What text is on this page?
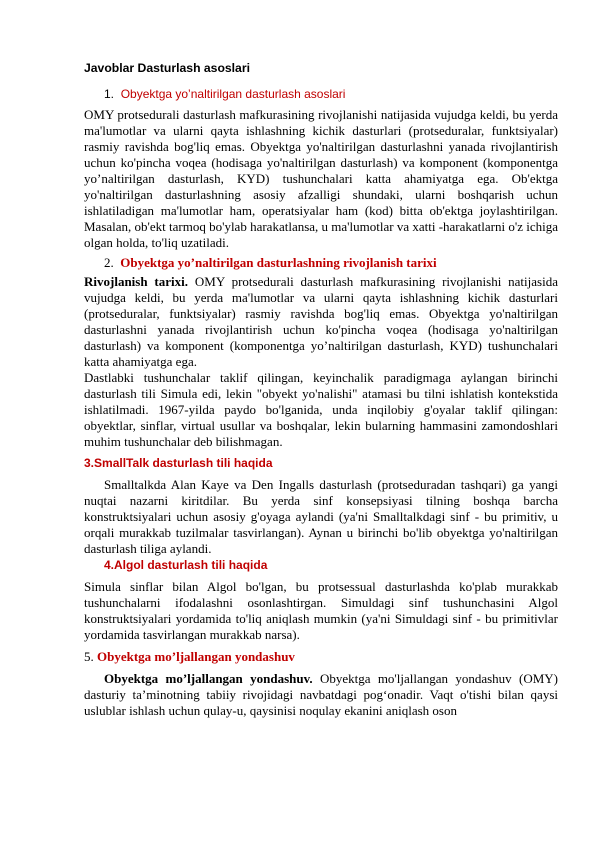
Javoblar Dasturlash asoslari

1. Obyektga yo’naltirilgan dasturlash asoslari

OMY protsedurali dasturlash mafkurasining rivojlanishi natijasida vujudga keldi, bu yerda ma'lumotlar va ularni qayta ishlashning kichik dasturlari (protseduralar, funktsiyalar) rasmiy ravishda bog'liq emas. Obyektga yo'naltirilgan dasturlashni yanada rivojlantirish uchun ko'pincha voqea (hodisaga yo'naltirilgan dasturlash) va komponent (komponentga yo’naltirilgan dasturlash, KYD) tushunchalari katta ahamiyatga ega. Ob'ektga yo'naltirilgan dasturlashning asosiy afzalligi shundaki, ularni boshqarish uchun ishlatiladigan ma'lumotlar ham, operatsiyalar ham (kod) bitta ob'ektga joylashtirilgan. Masalan, ob'ekt tarmoq bo'ylab harakatlansa, u ma'lumotlar va xatti -harakatlarni o'z ichiga olgan holda, to'liq uzatiladi.

2. Obyektga yo’naltirilgan dasturlashning rivojlanish tarixi

Rivojlanish tarixi. OMY protsedurali dasturlash mafkurasining rivojlanishi natijasida vujudga keldi, bu yerda ma'lumotlar va ularni qayta ishlashning kichik dasturlari (protseduralar, funktsiyalar) rasmiy ravishda bog'liq emas. Obyektga yo'naltirilgan dasturlashni yanada rivojlantirish uchun ko'pincha voqea (hodisaga yo'naltirilgan dasturlash) va komponent (komponentga yo’naltirilgan dasturlash, KYD) tushunchalari katta ahamiyatga ega.

Dastlabki tushunchalar taklif qilingan, keyinchalik paradigmaga aylangan birinchi dasturlash tili Simula edi, lekin "obyekt yo'nalishi" atamasi bu tilni ishlatish kontekstida ishlatilmadi. 1967-yilda paydo bo'lganida, unda inqilobiy g'oyalar taklif qilingan: obyektlar, sinflar, virtual usullar va boshqalar, lekin bularning hammasini zamondoshlari muhim tushunchalar deb bilishmagan.

3.SmallTalk dasturlash tili haqida

Smalltalkda Alan Kaye va Den Ingalls dasturlash (protseduradan tashqari) ga yangi nuqtai nazarni kiritdilar. Bu yerda sinf konsepsiyasi tilning boshqa barcha konstruktsiyalari uchun asosiy g'oyaga aylandi (ya'ni Smalltalkdagi sinf - bu primitiv, u orqali murakkab tuzilmalar tasvirlangan). Aynan u birinchi bo'lib obyektga yo'naltirilgan dasturlash tiliga aylandi.

4.Algol dasturlash tili haqida

Simula sinflar bilan Algol bo'lgan, bu protsessual dasturlashda ko'plab murakkab tushunchalarni ifodalashni osonlashtirgan. Simuldagi sinf tushunchasini Algol konstruktsiyalari yordamida to'liq aniqlash mumkin (ya'ni Simuldagi sinf - bu primitivlar yordamida tasvirlangan murakkab narsa).

5. Obyektga mo’ljallangan yondashuv

Obyektga mo’ljallangan yondashuv. Obyektga mo'ljallangan yondashuv (OMY) dasturiy ta’minotning tabiiy rivojidagi navbatdagi pog‘onadir. Vaqt o'tishi bilan qaysi uslublar ishlash uchun qulay-u, qaysinisi noqulay ekanini aniqlash oson
